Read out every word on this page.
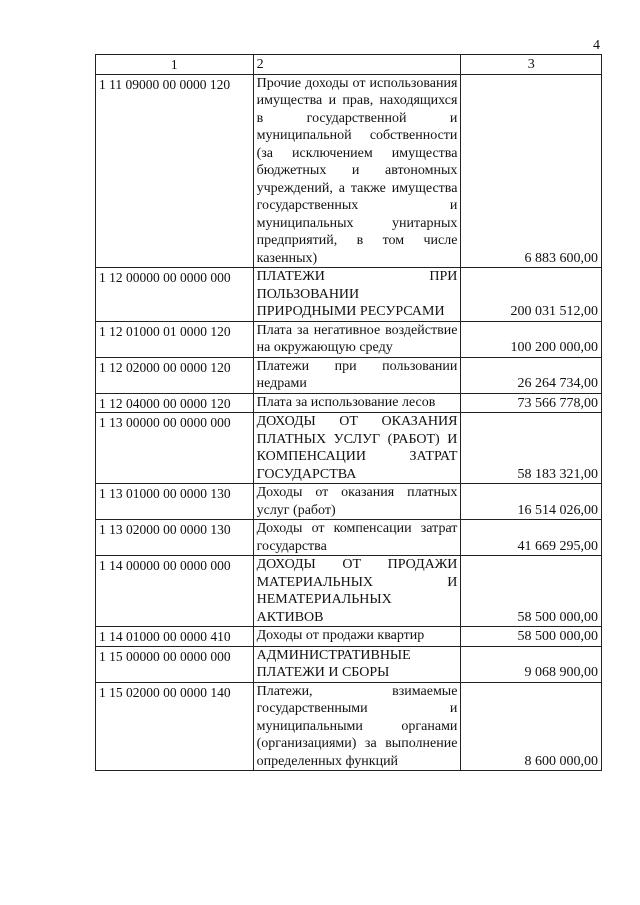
4
1	2	3
1 11 09000 00 0000 120	Прочие доходы от использования имущества и прав, находящихся в государственной и муниципальной собственности (за исключением имущества бюджетных и автономных учреждений, а также имущества государственных и муниципальных унитарных предприятий, в том числе казенных)	6 883 600,00
1 12 00000 00 0000 000	ПЛАТЕЖИ ПРИ ПОЛЬЗОВАНИИ ПРИРОДНЫМИ РЕСУРСАМИ	200 031 512,00
1 12 01000 01 0000 120	Плата за негативное воздействие на окружающую среду	100 200 000,00
1 12 02000 00 0000 120	Платежи при пользовании недрами	26 264 734,00
1 12 04000 00 0000 120	Плата за использование лесов	73 566 778,00
1 13 00000 00 0000 000	ДОХОДЫ ОТ ОКАЗАНИЯ ПЛАТНЫХ УСЛУГ (РАБОТ) И КОМПЕНСАЦИИ ЗАТРАТ ГОСУДАРСТВА	58 183 321,00
1 13 01000 00 0000 130	Доходы от оказания платных услуг (работ)	16 514 026,00
1 13 02000 00 0000 130	Доходы от компенсации затрат государства	41 669 295,00
1 14 00000 00 0000 000	ДОХОДЫ ОТ ПРОДАЖИ МАТЕРИАЛЬНЫХ И НЕМАТЕРИАЛЬНЫХ АКТИВОВ	58 500 000,00
1 14 01000 00 0000 410	Доходы от продажи квартир	58 500 000,00
1 15 00000 00 0000 000	АДМИНИСТРАТИВНЫЕ ПЛАТЕЖИ И СБОРЫ	9 068 900,00
1 15 02000 00 0000 140	Платежи, взимаемые государственными и муниципальными органами (организациями) за выполнение определенных функций	8 600 000,00
